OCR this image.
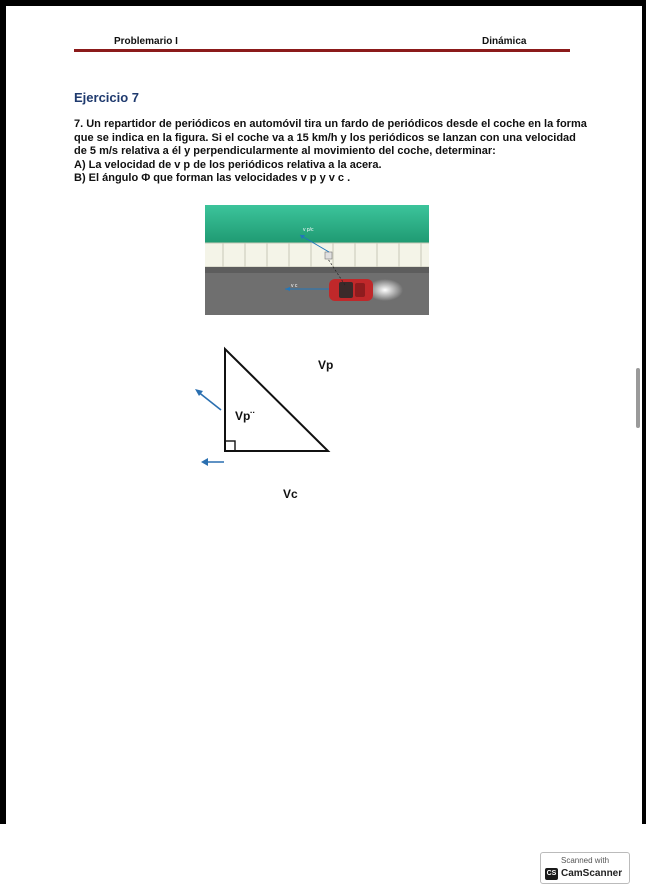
Problemario I	Dinámica
Ejercicio 7
7. Un repartidor de periódicos en automóvil tira un fardo de periódicos desde el coche en la forma
que se indica en la figura. Si el coche va a 15 km/h y los periódicos se lanzan con una velocidad
de 5 m/s relativa a él y perpendicularmente al movimiento del coche, determinar:
A) La velocidad de v p de los periódicos relativa a la acera.
B) El ángulo Φ que forman las velocidades v p y v c .
v p/c
v c
Vp
Vp¨
Vc
Scanned with
CS CamScanner
